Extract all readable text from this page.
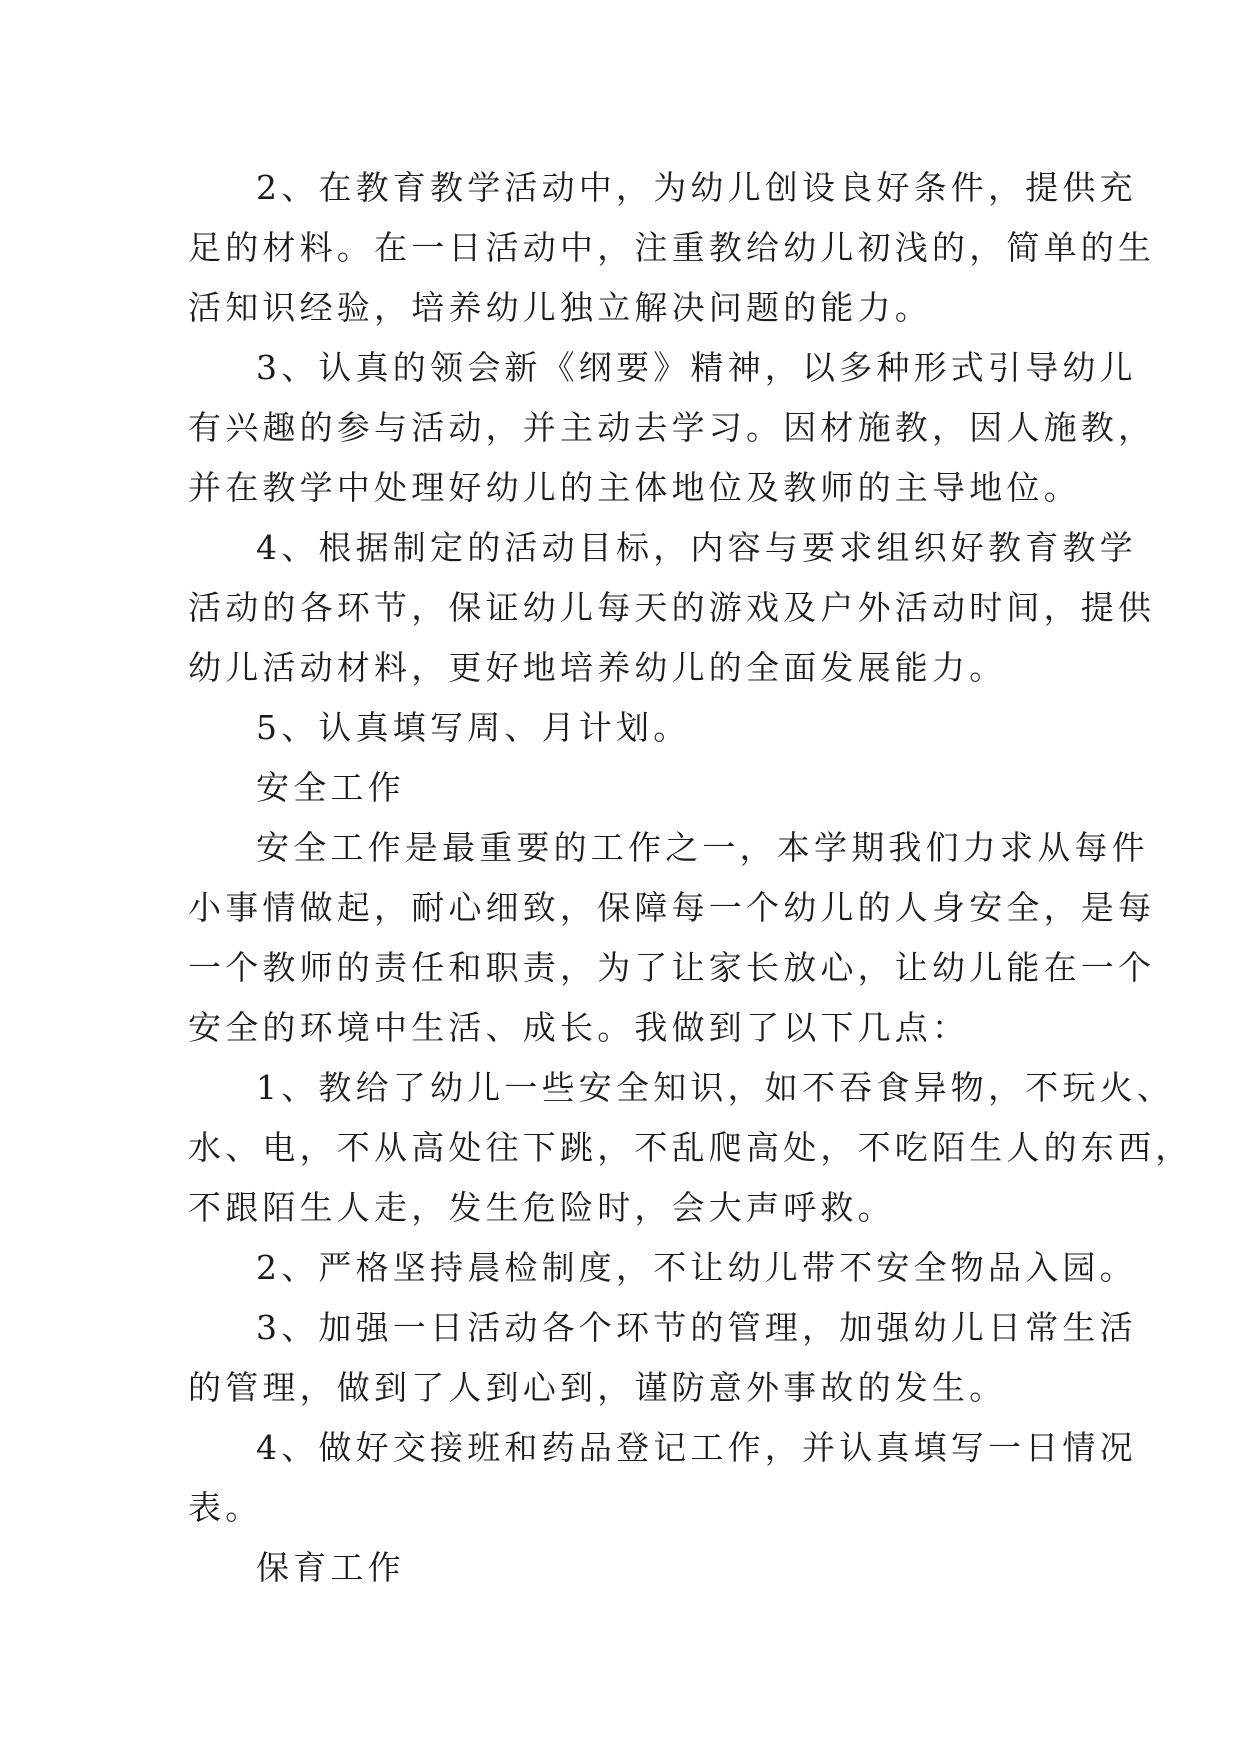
2、在教育教学活动中，为幼儿创设良好条件，提供充
足的材料。在一日活动中，注重教给幼儿初浅的，简单的生
活知识经验，培养幼儿独立解决问题的能力。
3、认真的领会新《纲要》精神，以多种形式引导幼儿
有兴趣的参与活动，并主动去学习。因材施教，因人施教，
并在教学中处理好幼儿的主体地位及教师的主导地位。
4、根据制定的活动目标，内容与要求组织好教育教学
活动的各环节，保证幼儿每天的游戏及户外活动时间，提供
幼儿活动材料，更好地培养幼儿的全面发展能力。
5、认真填写周、月计划。
安全工作
安全工作是最重要的工作之一，本学期我们力求从每件
小事情做起，耐心细致，保障每一个幼儿的人身安全，是每
一个教师的责任和职责，为了让家长放心，让幼儿能在一个
安全的环境中生活、成长。我做到了以下几点：
1、教给了幼儿一些安全知识，如不吞食异物，不玩火、
水、电，不从高处往下跳，不乱爬高处，不吃陌生人的东西，
不跟陌生人走，发生危险时，会大声呼救。
2、严格坚持晨检制度，不让幼儿带不安全物品入园。
3、加强一日活动各个环节的管理，加强幼儿日常生活
的管理，做到了人到心到，谨防意外事故的发生。
4、做好交接班和药品登记工作，并认真填写一日情况
表。
保育工作
